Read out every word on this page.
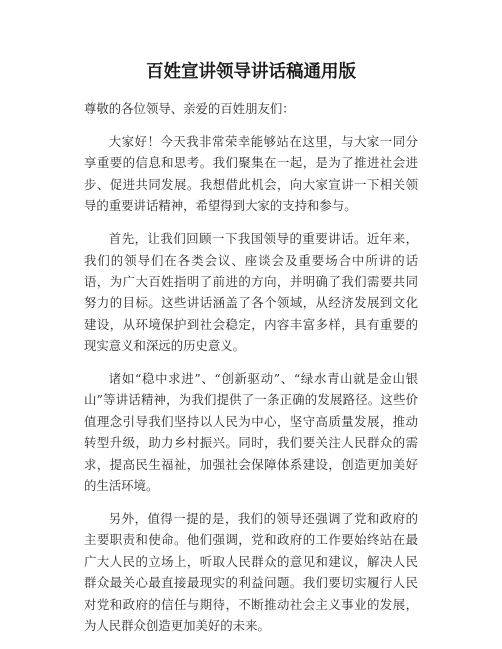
百姓宣讲领导讲话稿通用版

尊敬的各位领导、亲爱的百姓朋友们：

大家好！今天我非常荣幸能够站在这里，与大家一同分享重要的信息和思考。我们聚集在一起，是为了推进社会进步、促进共同发展。我想借此机会，向大家宣讲一下相关领导的重要讲话精神，希望得到大家的支持和参与。

首先，让我们回顾一下我国领导的重要讲话。近年来，我们的领导们在各类会议、座谈会及重要场合中所讲的话语，为广大百姓指明了前进的方向，并明确了我们需要共同努力的目标。这些讲话涵盖了各个领域，从经济发展到文化建设，从环境保护到社会稳定，内容丰富多样，具有重要的现实意义和深远的历史意义。

诸如“稳中求进”、“创新驱动”、“绿水青山就是金山银山”等讲话精神，为我们提供了一条正确的发展路径。这些价值理念引导我们坚持以人民为中心，坚守高质量发展，推动转型升级，助力乡村振兴。同时，我们要关注人民群众的需求，提高民生福祉，加强社会保障体系建设，创造更加美好的生活环境。

另外，值得一提的是，我们的领导还强调了党和政府的主要职责和使命。他们强调，党和政府的工作要始终站在最广大人民的立场上，听取人民群众的意见和建议，解决人民群众最关心最直接最现实的利益问题。我们要切实履行人民对党和政府的信任与期待，不断推动社会主义事业的发展，为人民群众创造更加美好的未来。
